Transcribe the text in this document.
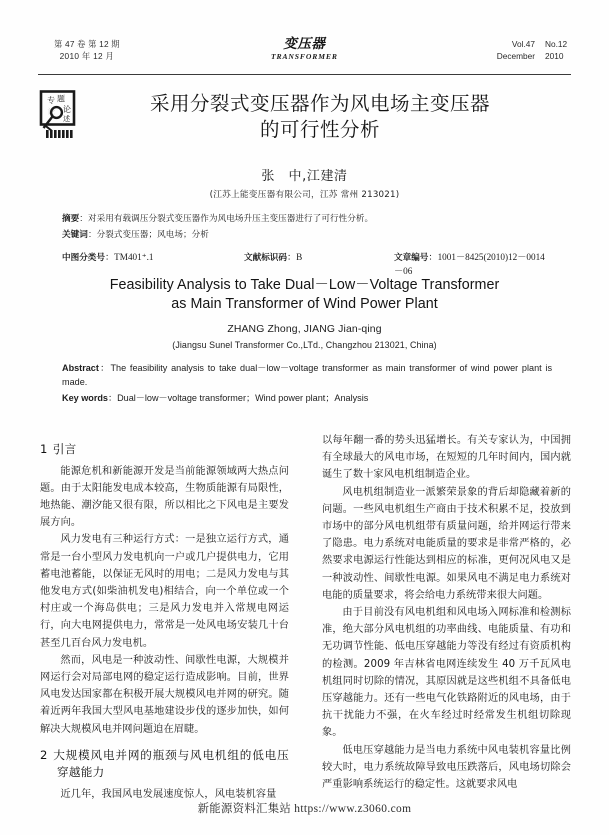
第 47 卷 第 12 期
2010 年 12 月
变压器
TRANSFORMER
Vol.47 No.12
December 2010
专 题
论 论
述
采用分裂式变压器作为风电场主变压器
的可行性分析
张　中,江建清
(江苏上能变压器有限公司，江苏 常州 213021)
摘要：对采用有载调压分裂式变压器作为风电场升压主变压器进行了可行性分析。
关键词：分裂式变压器；风电场；分析
中图分类号：TM401⁺.1	文献标识码：B	文章编号：1001－8425(2010)12－0014－06
Feasibility Analysis to Take Dual－Low－Voltage Transformer
as Main Transformer of Wind Power Plant
ZHANG Zhong, JIANG Jian-qing
(Jiangsu Sunel Transformer Co.,LTd., Changzhou 213021, China)

Abstract：The feasibility analysis to take dual－low－voltage transformer as main transformer of wind power plant is made.

Key words：Dual－low－voltage transformer；Wind power plant；Analysis

1 引言

能源危机和新能源开发是当前能源领域两大热点问题。由于太阳能发电成本较高，生物质能源有局限性，地热能、潮汐能又很有限，所以相比之下风电是主要发展方向。

风力发电有三种运行方式：一是独立运行方式，通常是一台小型风力发电机向一户或几户提供电力，它用蓄电池蓄能，以保证无风时的用电；二是风力发电与其他发电方式(如柴油机发电)相结合，向一个单位或一个村庄或一个海岛供电；三是风力发电并入常规电网运行，向大电网提供电力，常常是一处风电场安装几十台甚至几百台风力发电机。

然而，风电是一种波动性、间歇性电源，大规模并网运行会对局部电网的稳定运行造成影响。目前，世界风电发达国家都在积极开展大规模风电并网的研究。随着近两年我国大型风电基地建设步伐的逐步加快，如何解决大规模风电并网问题迫在眉睫。

2 大规模风电并网的瓶颈与风电机组的低电压穿越能力

近几年，我国风电发展速度惊人，风电装机容量

以每年翻一番的势头迅猛增长。有关专家认为，中国拥有全球最大的风电市场，在短短的几年时间内，国内就诞生了数十家风电机组制造企业。

风电机组制造业一派繁荣景象的背后却隐藏着新的问题。一些风电机组生产商由于技术积累不足，投放到市场中的部分风电机组带有质量问题，给并网运行带来了隐患。电力系统对电能质量的要求是非常严格的，必然要求电源运行性能达到相应的标准，更何况风电又是一种波动性、间歇性电源。如果风电不满足电力系统对电能的质量要求，将会给电力系统带来很大问题。

由于目前没有风电机组和风电场入网标准和检测标准，绝大部分风电机组的功率曲线、电能质量、有功和无功调节性能、低电压穿越能力等没有经过有资质机构的检测。2009 年吉林省电网连续发生 40 万千瓦风电机组同时切除的情况，其原因就是这些机组不具备低电压穿越能力。还有一些电气化铁路附近的风电场，由于抗干扰能力不强，在火车经过时经常发生机组切除现象。

低电压穿越能力是当电力系统中风电装机容量比例较大时，电力系统故障导致电压跌落后，风电场切除会严重影响系统运行的稳定性。这就要求风电

新能源资料汇集站 https://www.z3060.com
